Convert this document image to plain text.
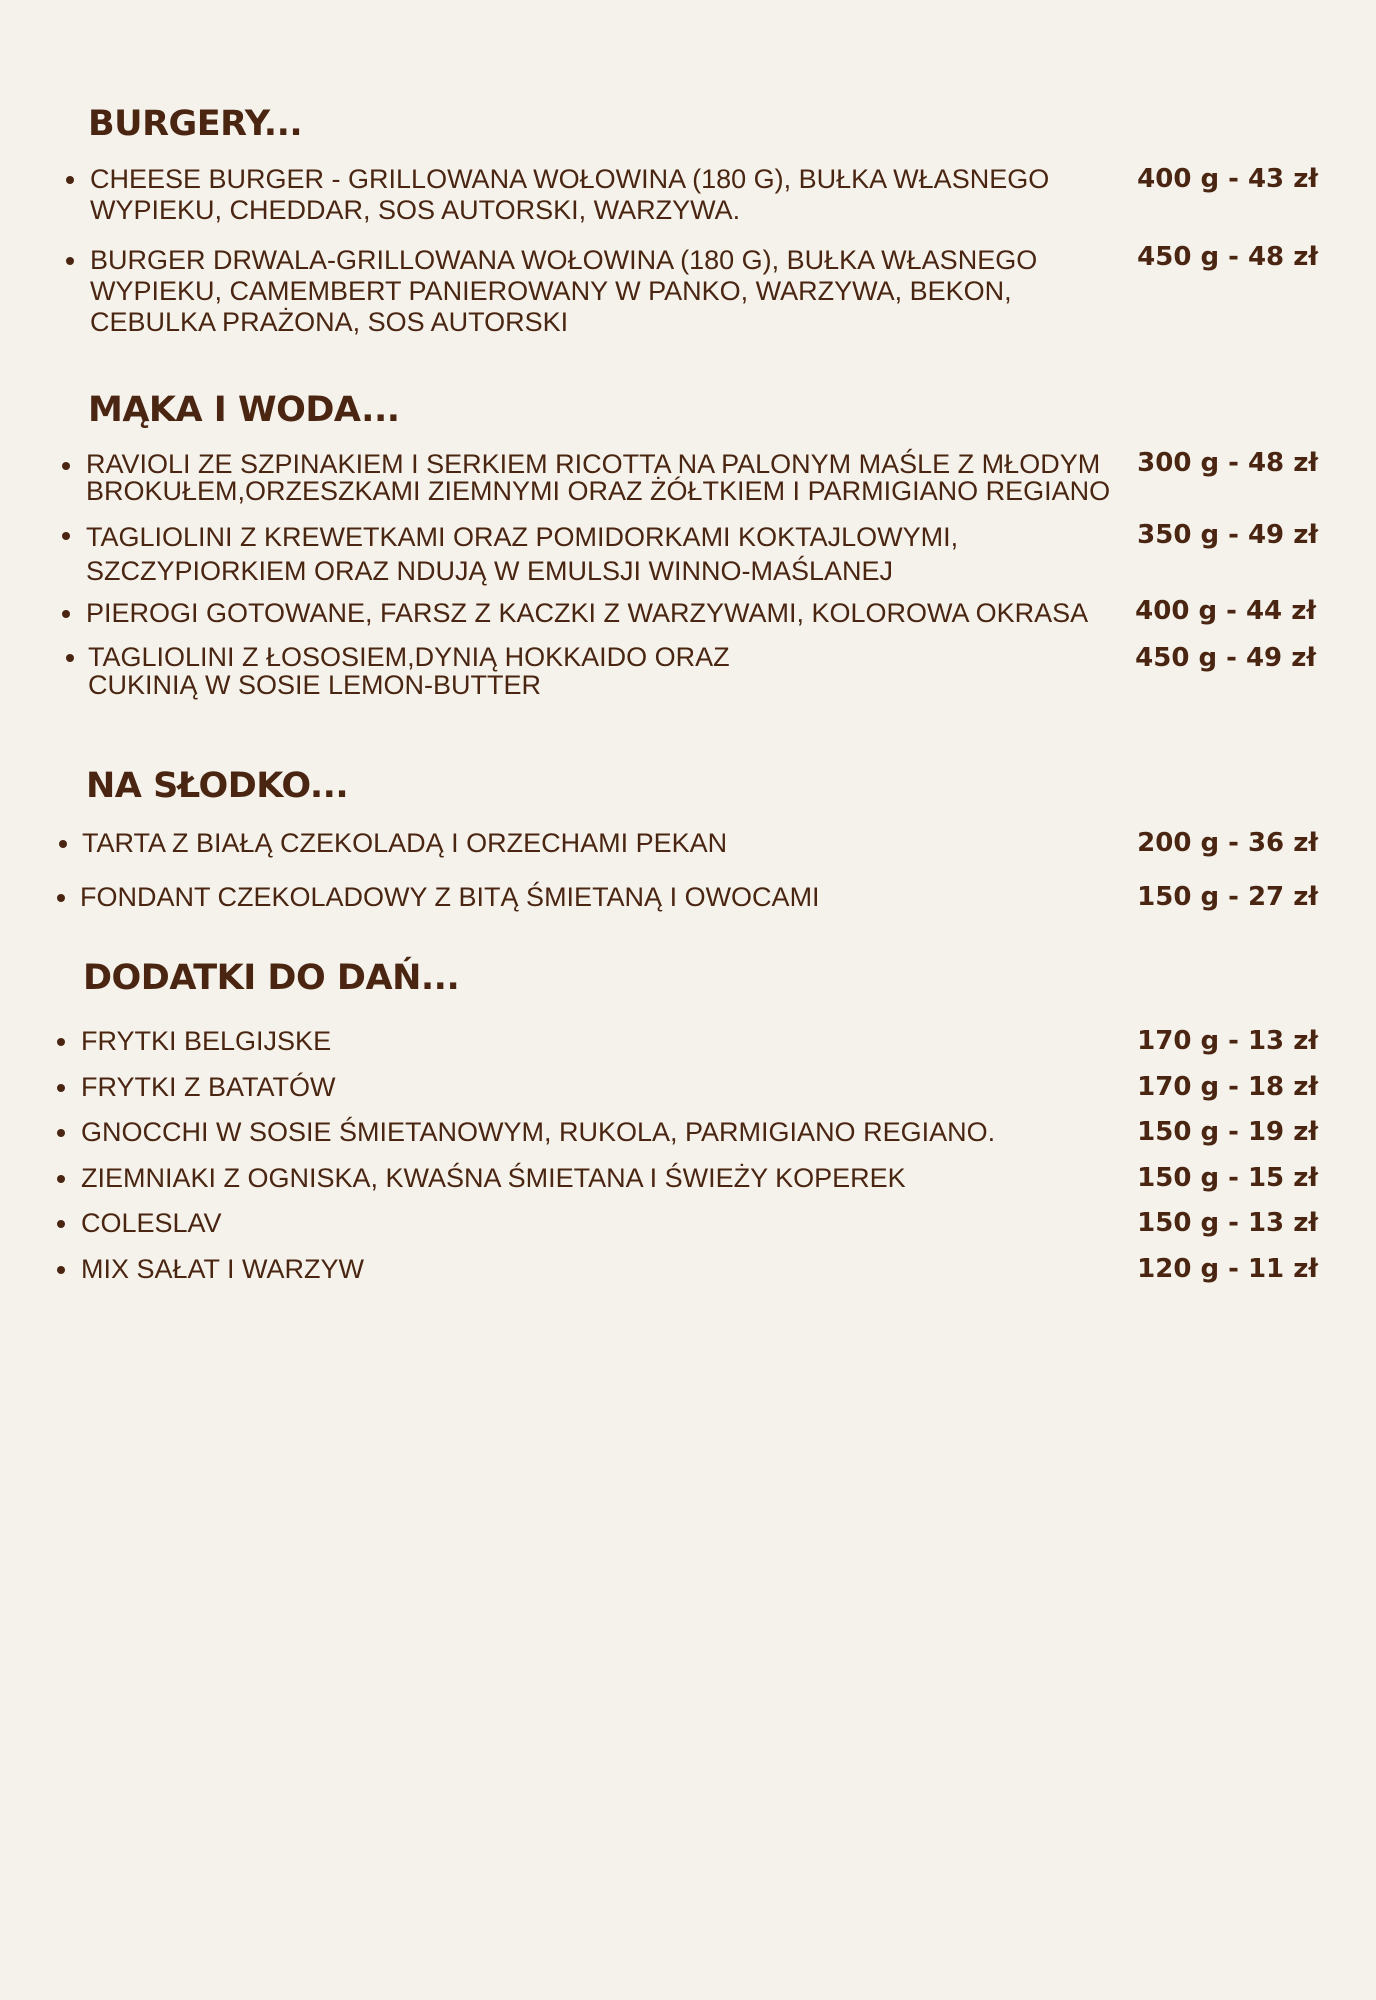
BURGERY...
CHEESE BURGER - GRILLOWANA WOŁOWINA (180 G), BUŁKA WŁASNEGO
WYPIEKU, CHEDDAR, SOS AUTORSKI, WARZYWA.
400 g - 43 zł
BURGER DRWALA-GRILLOWANA WOŁOWINA (180 G), BUŁKA WŁASNEGO
WYPIEKU, CAMEMBERT PANIEROWANY W PANKO, WARZYWA, BEKON,
CEBULKA PRAŻONA, SOS AUTORSKI
450 g - 48 zł
MĄKA I WODA...
RAVIOLI ZE SZPINAKIEM I SERKIEM RICOTTA NA PALONYM MAŚLE Z MŁODYM
BROKUŁEM,ORZESZKAMI ZIEMNYMI ORAZ ŻÓŁTKIEM I PARMIGIANO REGIANO
300 g - 48 zł
TAGLIOLINI Z KREWETKAMI ORAZ POMIDORKAMI KOKTAJLOWYMI,
SZCZYPIORKIEM ORAZ NDUJĄ W EMULSJI WINNO-MAŚLANEJ
350 g - 49 zł
PIEROGI GOTOWANE, FARSZ Z KACZKI Z WARZYWAMI, KOLOROWA OKRASA 400 g - 44 zł
TAGLIOLINI Z ŁOSOSIEM,DYNIĄ HOKKAIDO ORAZ
CUKINIĄ W SOSIE LEMON-BUTTER
450 g - 49 zł
NA SŁODKO...
TARTA Z BIAŁĄ CZEKOLADĄ I ORZECHAMI PEKAN	200 g - 36 zł
FONDANT CZEKOLADOWY Z BITĄ ŚMIETANĄ I OWOCAMI	150 g - 27 zł
DODATKI DO DAŃ...
FRYTKI BELGIJSKE	170 g - 13 zł
FRYTKI Z BATATÓW	170 g - 18 zł
GNOCCHI W SOSIE ŚMIETANOWYM, RUKOLA, PARMIGIANO REGIANO.	150 g - 19 zł
ZIEMNIAKI Z OGNISKA, KWAŚNA ŚMIETANA I ŚWIEŻY KOPEREK	150 g - 15 zł
COLESLAV	150 g - 13 zł
MIX SAŁAT I WARZYW	120 g - 11 zł
